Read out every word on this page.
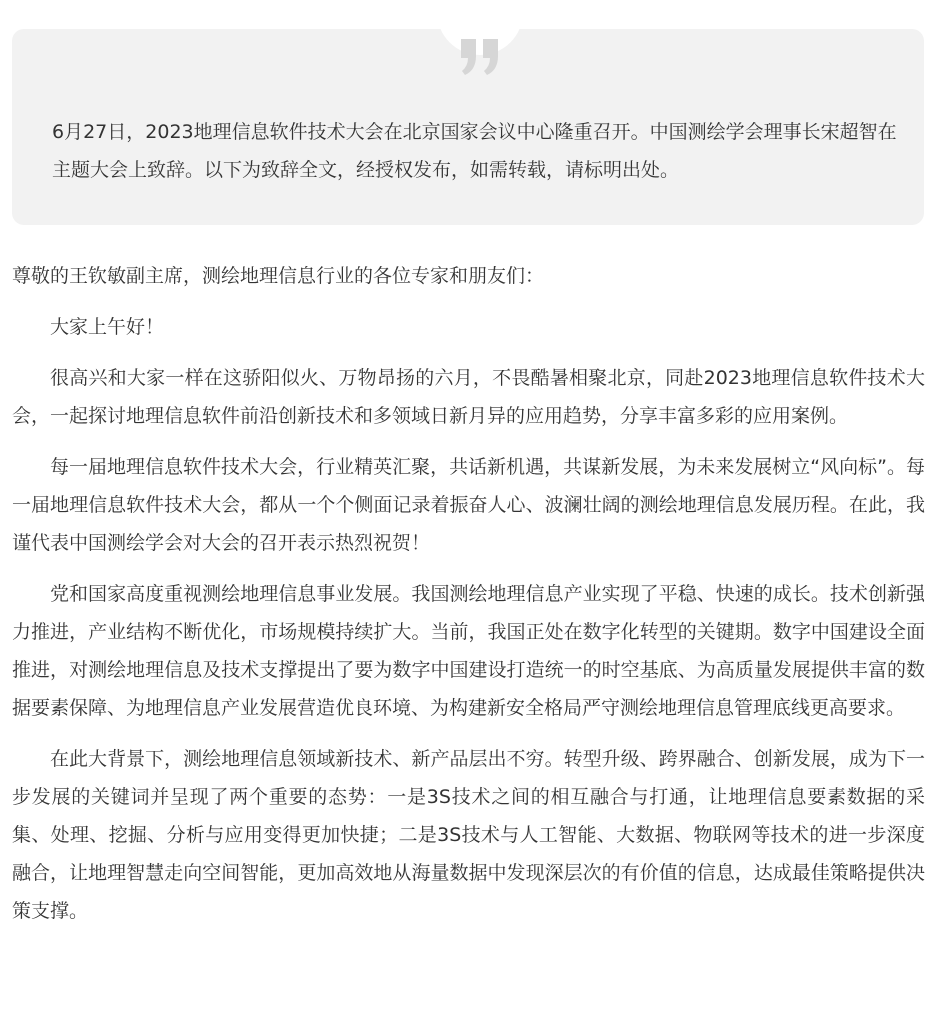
6月27日，2023地理信息软件技术大会在北京国家会议中心隆重召开。中国测绘学会理事长宋超智在主题大会上致辞。以下为致辞全文，经授权发布，如需转载，请标明出处。

尊敬的王钦敏副主席，测绘地理信息行业的各位专家和朋友们：

大家上午好！

很高兴和大家一样在这骄阳似火、万物昂扬的六月，不畏酷暑相聚北京，同赴2023地理信息软件技术大会，一起探讨地理信息软件前沿创新技术和多领域日新月异的应用趋势，分享丰富多彩的应用案例。

每一届地理信息软件技术大会，行业精英汇聚，共话新机遇，共谋新发展，为未来发展树立“风向标”。每一届地理信息软件技术大会，都从一个个侧面记录着振奋人心、波澜壮阔的测绘地理信息发展历程。在此，我谨代表中国测绘学会对大会的召开表示热烈祝贺！

党和国家高度重视测绘地理信息事业发展。我国测绘地理信息产业实现了平稳、快速的成长。技术创新强力推进，产业结构不断优化，市场规模持续扩大。当前，我国正处在数字化转型的关键期。数字中国建设全面推进，对测绘地理信息及技术支撑提出了要为数字中国建设打造统一的时空基底、为高质量发展提供丰富的数据要素保障、为地理信息产业发展营造优良环境、为构建新安全格局严守测绘地理信息管理底线更高要求。

在此大背景下，测绘地理信息领域新技术、新产品层出不穷。转型升级、跨界融合、创新发展，成为下一步发展的关键词并呈现了两个重要的态势：一是3S技术之间的相互融合与打通，让地理信息要素数据的采集、处理、挖掘、分析与应用变得更加快捷；二是3S技术与人工智能、大数据、物联网等技术的进一步深度融合，让地理智慧走向空间智能，更加高效地从海量数据中发现深层次的有价值的信息，达成最佳策略提供决策支撑。
